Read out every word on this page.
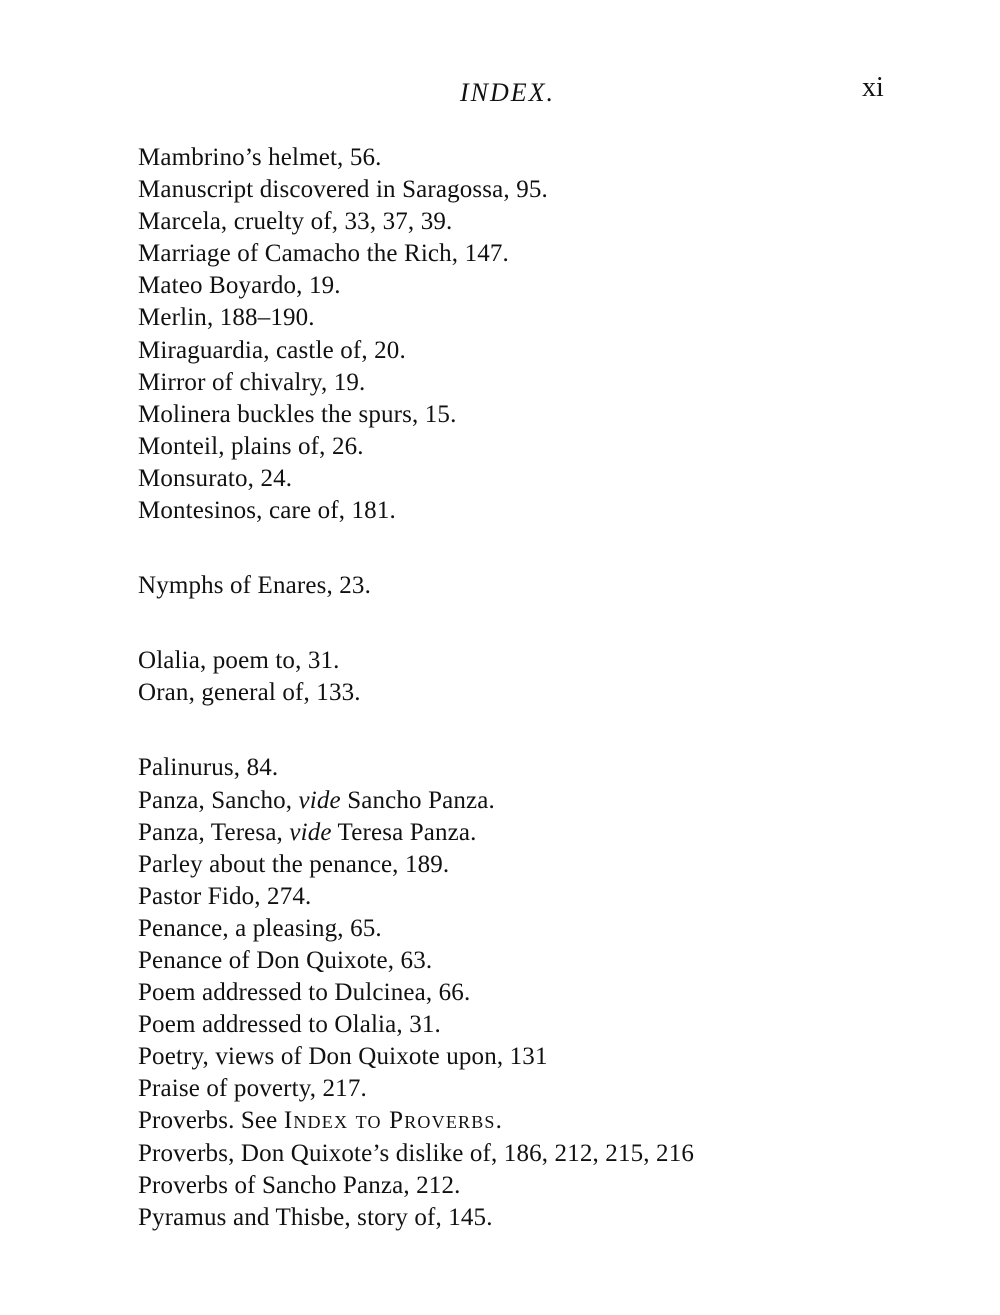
INDEX.	xi
Mambrino’s helmet, 56.
Manuscript discovered in Saragossa, 95.
Marcela, cruelty of, 33, 37, 39.
Marriage of Camacho the Rich, 147.
Mateo Boyardo, 19.
Merlin, 188–190.
Miraguardia, castle of, 20.
Mirror of chivalry, 19.
Molinera buckles the spurs, 15.
Monteil, plains of, 26.
Monsurato, 24.
Montesinos, care of, 181.
Nymphs of Enares, 23.
Olalia, poem to, 31.
Oran, general of, 133.
Palinurus, 84.
Panza, Sancho, vide Sancho Panza.
Panza, Teresa, vide Teresa Panza.
Parley about the penance, 189.
Pastor Fido, 274.
Penance, a pleasing, 65.
Penance of Don Quixote, 63.
Poem addressed to Dulcinea, 66.
Poem addressed to Olalia, 31.
Poetry, views of Don Quixote upon, 131
Praise of poverty, 217.
Proverbs. See Index to Proverbs.
Proverbs, Don Quixote’s dislike of, 186, 212, 215, 216
Proverbs of Sancho Panza, 212.
Pyramus and Thisbe, story of, 145.
